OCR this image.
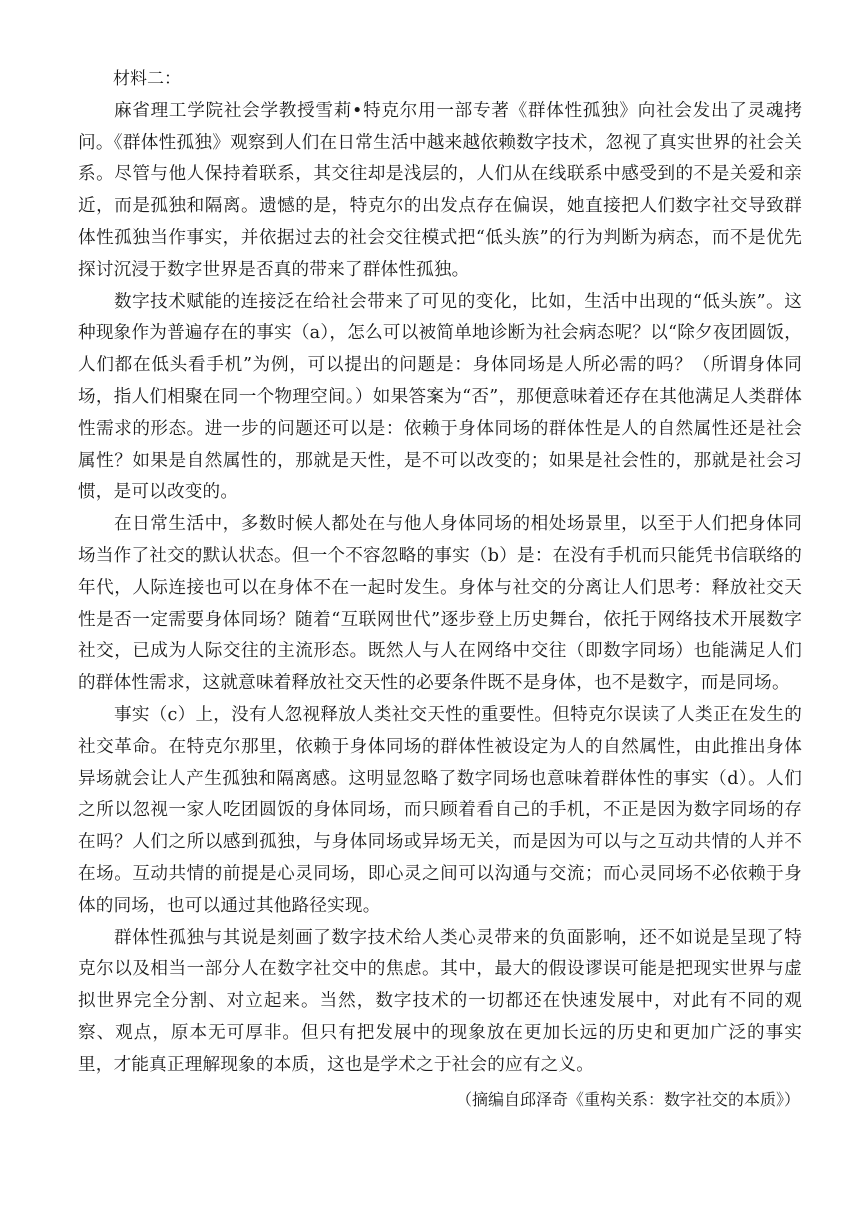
材料二：

麻省理工学院社会学教授雪莉•特克尔用一部专著《群体性孤独》向社会发出了灵魂拷问。《群体性孤独》观察到人们在日常生活中越来越依赖数字技术，忽视了真实世界的社会关系。尽管与他人保持着联系，其交往却是浅层的，人们从在线联系中感受到的不是关爱和亲近，而是孤独和隔离。遗憾的是，特克尔的出发点存在偏误，她直接把人们数字社交导致群体性孤独当作事实，并依据过去的社会交往模式把“低头族”的行为判断为病态，而不是优先探讨沉浸于数字世界是否真的带来了群体性孤独。

数字技术赋能的连接泛在给社会带来了可见的变化，比如，生活中出现的“低头族”。这种现象作为普遍存在的事实（a），怎么可以被简单地诊断为社会病态呢？以“除夕夜团圆饭，人们都在低头看手机”为例，可以提出的问题是：身体同场是人所必需的吗？（所谓身体同场，指人们相聚在同一个物理空间。）如果答案为“否”，那便意味着还存在其他满足人类群体性需求的形态。进一步的问题还可以是：依赖于身体同场的群体性是人的自然属性还是社会属性？如果是自然属性的，那就是天性，是不可以改变的；如果是社会性的，那就是社会习惯，是可以改变的。

在日常生活中，多数时候人都处在与他人身体同场的相处场景里，以至于人们把身体同场当作了社交的默认状态。但一个不容忽略的事实（b）是：在没有手机而只能凭书信联络的年代，人际连接也可以在身体不在一起时发生。身体与社交的分离让人们思考：释放社交天性是否一定需要身体同场？随着“互联网世代”逐步登上历史舞台，依托于网络技术开展数字社交，已成为人际交往的主流形态。既然人与人在网络中交往（即数字同场）也能满足人们的群体性需求，这就意味着释放社交天性的必要条件既不是身体，也不是数字，而是同场。

事实（c）上，没有人忽视释放人类社交天性的重要性。但特克尔误读了人类正在发生的社交革命。在特克尔那里，依赖于身体同场的群体性被设定为人的自然属性，由此推出身体异场就会让人产生孤独和隔离感。这明显忽略了数字同场也意味着群体性的事实（d）。人们之所以忽视一家人吃团圆饭的身体同场，而只顾着看自己的手机，不正是因为数字同场的存在吗？人们之所以感到孤独，与身体同场或异场无关，而是因为可以与之互动共情的人并不在场。互动共情的前提是心灵同场，即心灵之间可以沟通与交流；而心灵同场不必依赖于身体的同场，也可以通过其他路径实现。

群体性孤独与其说是刻画了数字技术给人类心灵带来的负面影响，还不如说是呈现了特克尔以及相当一部分人在数字社交中的焦虑。其中，最大的假设谬误可能是把现实世界与虚拟世界完全分割、对立起来。当然，数字技术的一切都还在快速发展中，对此有不同的观察、观点，原本无可厚非。但只有把发展中的现象放在更加长远的历史和更加广泛的事实里，才能真正理解现象的本质，这也是学术之于社会的应有之义。

（摘编自邱泽奇《重构关系：数字社交的本质》）
